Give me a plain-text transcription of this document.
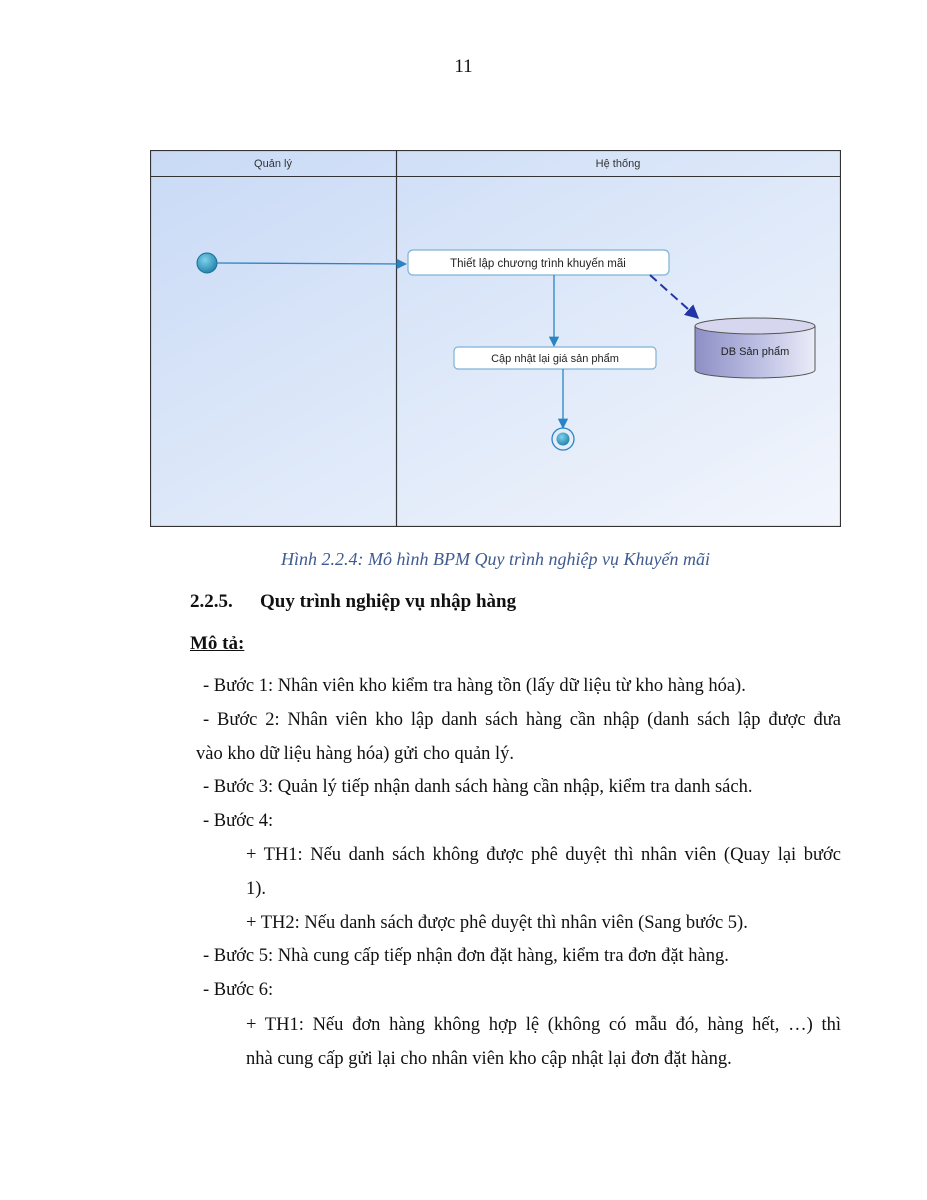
11
Quản lý	Hệ thống
Thiết lập chương trình khuyến mãi
Cập nhật lại giá sản phẩm
DB Sản phẩm
Hình 2.2.4: Mô hình BPM Quy trình nghiệp vụ Khuyến mãi
2.2.5. Quy trình nghiệp vụ nhập hàng
Mô tả:
- Bước 1: Nhân viên kho kiểm tra hàng tồn (lấy dữ liệu từ kho hàng hóa).
- Bước 2: Nhân viên kho lập danh sách hàng cần nhập (danh sách lập được đưa
vào kho dữ liệu hàng hóa) gửi cho quản lý.
- Bước 3: Quản lý tiếp nhận danh sách hàng cần nhập, kiểm tra danh sách.
- Bước 4:
+ TH1: Nếu danh sách không được phê duyệt thì nhân viên (Quay lại bước
1).
+ TH2: Nếu danh sách được phê duyệt thì nhân viên (Sang bước 5).
- Bước 5: Nhà cung cấp tiếp nhận đơn đặt hàng, kiểm tra đơn đặt hàng.
- Bước 6:
+ TH1: Nếu đơn hàng không hợp lệ (không có mẫu đó, hàng hết, …) thì
nhà cung cấp gửi lại cho nhân viên kho cập nhật lại đơn đặt hàng.
